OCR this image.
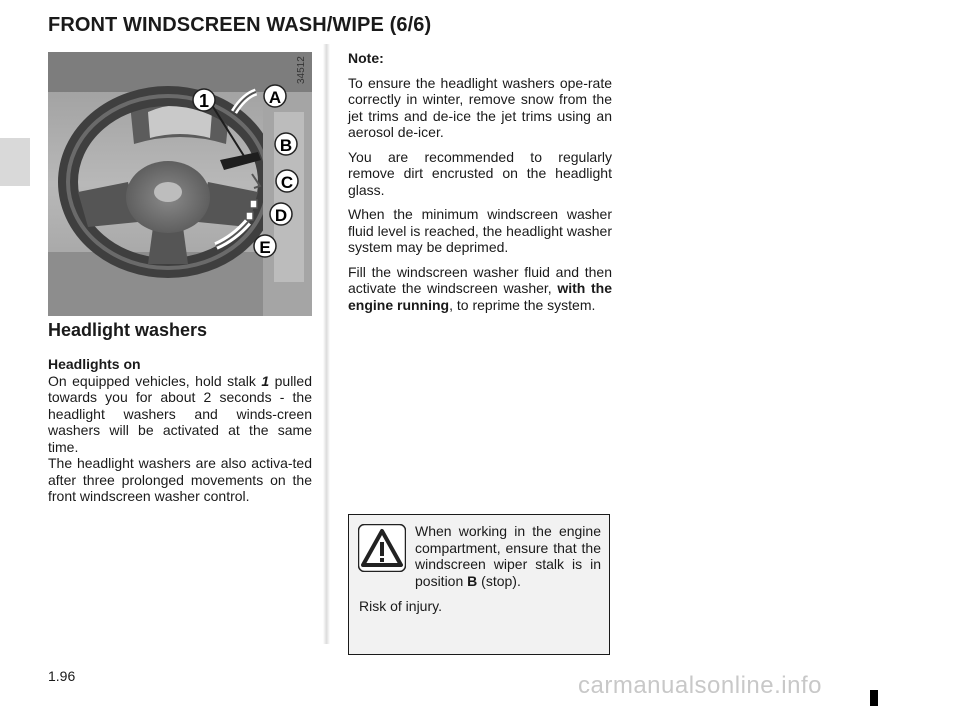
FRONT WINDSCREEN WASH/WIPE (6/6)
1	A
B
C
D
E
34512
Headlight washers
Headlights on

On equipped vehicles, hold stalk 1 pulled towards you for about 2 seconds - the headlight washers and winds-creen washers will be activated at the same time.

The headlight washers are also activa-ted after three prolonged movements on the front windscreen washer control.

Note:

To ensure the headlight washers ope-rate correctly in winter, remove snow from the jet trims and de-ice the jet trims using an aerosol de-icer.

You are recommended to regularly remove dirt encrusted on the headlight glass.

When the minimum windscreen washer fluid level is reached, the headlight washer system may be deprimed.

Fill the windscreen washer fluid and then activate the windscreen washer, with the engine running, to reprime the system.

When working in the engine compartment, ensure that the windscreen wiper stalk is in position B (stop).
Risk of injury.
1.96	carmanualsonline.info
